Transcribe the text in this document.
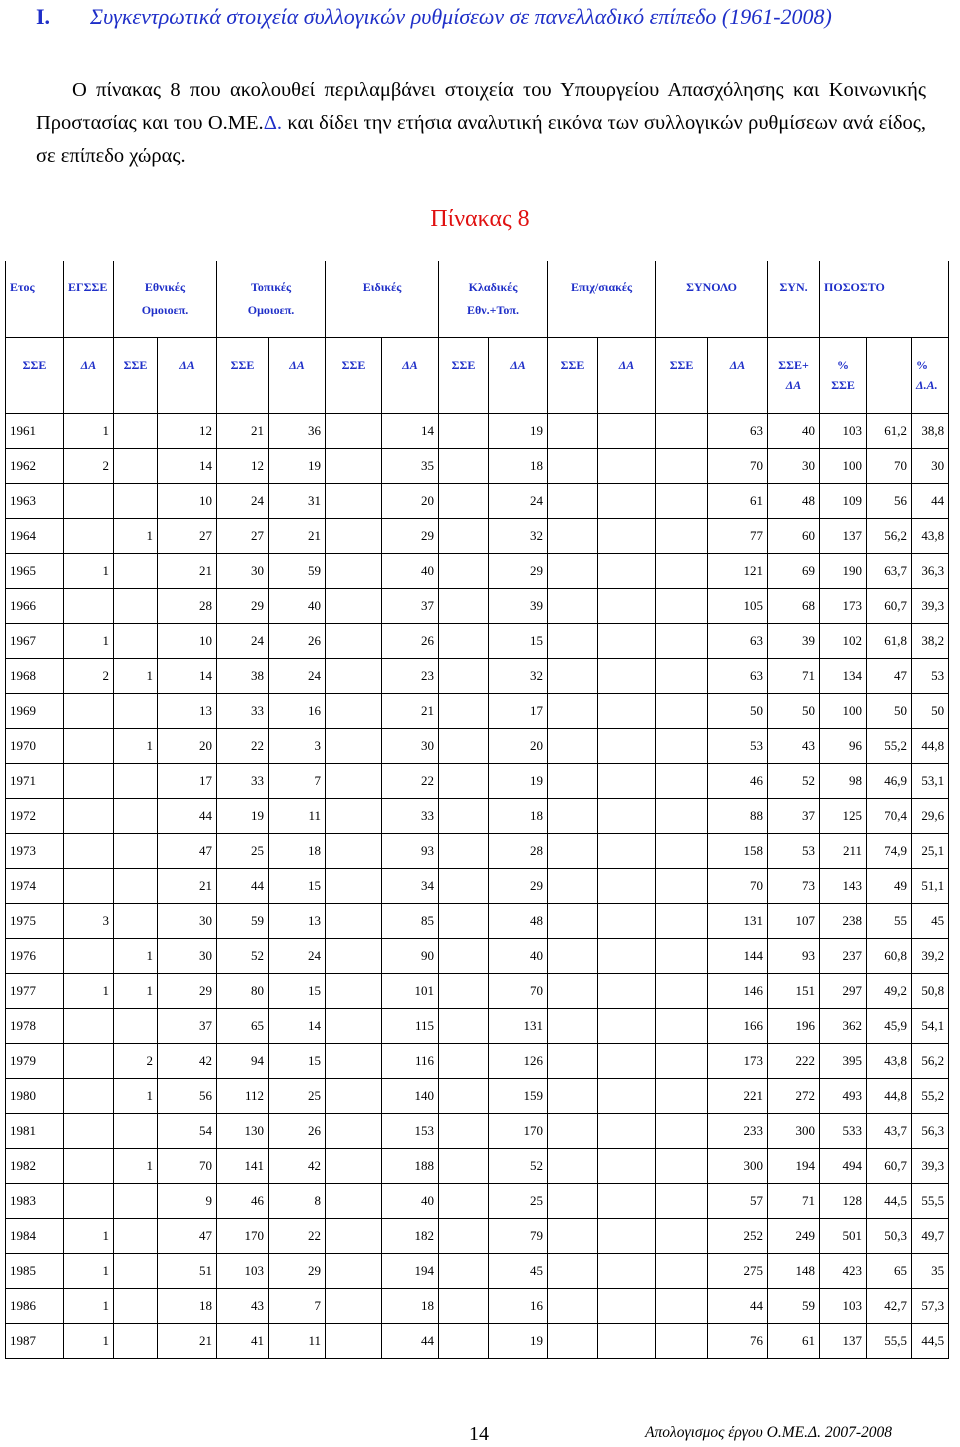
I.	Συγκεντρωτικά στοιχεία συλλογικών ρυθμίσεων σε πανελλαδικό επίπεδο (1961-2008)

Ο πίνακας 8 που ακολουθεί περιλαμβάνει στοιχεία του Υπουργείου Απασχόλησης και Κοινωνικής Προστασίας και του Ο.ΜΕ.Δ. και δίδει την ετήσια αναλυτική εικόνα των συλλογικών ρυθμίσεων ανά είδος, σε επίπεδο χώρας.

Πίνακας 8
Ετος	ΕΓΣΣΕ	Εθνικές		Τοπικές		Ειδικές		Κλαδικές		Επιχ/σιακές		ΣΥΝΟΛΟ		ΣΥΝ.	ΠΟΣΟΣΤΟ		
		Ομοιοεπ.		Ομοιοεπ.				Εθν.+Τοπ.									
ΣΣΕ	ΔΑ	ΣΣΕ	ΔΑ	ΣΣΕ	ΔΑ	ΣΣΕ	ΔΑ	ΣΣΕ	ΔΑ	ΣΣΕ	ΔΑ	ΣΣΕ	ΔΑ	ΣΣΕ+	%		%
														ΔΑ	ΣΣΕ		Δ.Α.
1961	1		12	21	36		14		19				63	40	103	61,2	38,8
1962	2		14	12	19		35		18				70	30	100	70	30
1963			10	24	31		20		24				61	48	109	56	44
1964		1	27	27	21		29		32				77	60	137	56,2	43,8
1965	1		21	30	59		40		29				121	69	190	63,7	36,3
1966			28	29	40		37		39				105	68	173	60,7	39,3
1967	1		10	24	26		26		15				63	39	102	61,8	38,2
1968	2	1	14	38	24		23		32				63	71	134	47	53
1969			13	33	16		21		17				50	50	100	50	50
1970		1	20	22	3		30		20				53	43	96	55,2	44,8
1971			17	33	7		22		19				46	52	98	46,9	53,1
1972			44	19	11		33		18				88	37	125	70,4	29,6
1973			47	25	18		93		28				158	53	211	74,9	25,1
1974			21	44	15		34		29				70	73	143	49	51,1
1975	3		30	59	13		85		48				131	107	238	55	45
1976		1	30	52	24		90		40				144	93	237	60,8	39,2
1977	1	1	29	80	15		101		70				146	151	297	49,2	50,8
1978			37	65	14		115		131				166	196	362	45,9	54,1
1979		2	42	94	15		116		126				173	222	395	43,8	56,2
1980		1	56	112	25		140		159				221	272	493	44,8	55,2
1981			54	130	26		153		170				233	300	533	43,7	56,3
1982		1	70	141	42		188		52				300	194	494	60,7	39,3
1983			9	46	8		40		25				57	71	128	44,5	55,5
1984	1		47	170	22		182		79				252	249	501	50,3	49,7
1985	1		51	103	29		194		45				275	148	423	65	35
1986	1		18	43	7		18		16				44	59	103	42,7	57,3
1987	1		21	41	11		44		19				76	61	137	55,5	44,5
14	Απολογισμος έργου Ο.ΜΕ.Δ. 2007-2008
